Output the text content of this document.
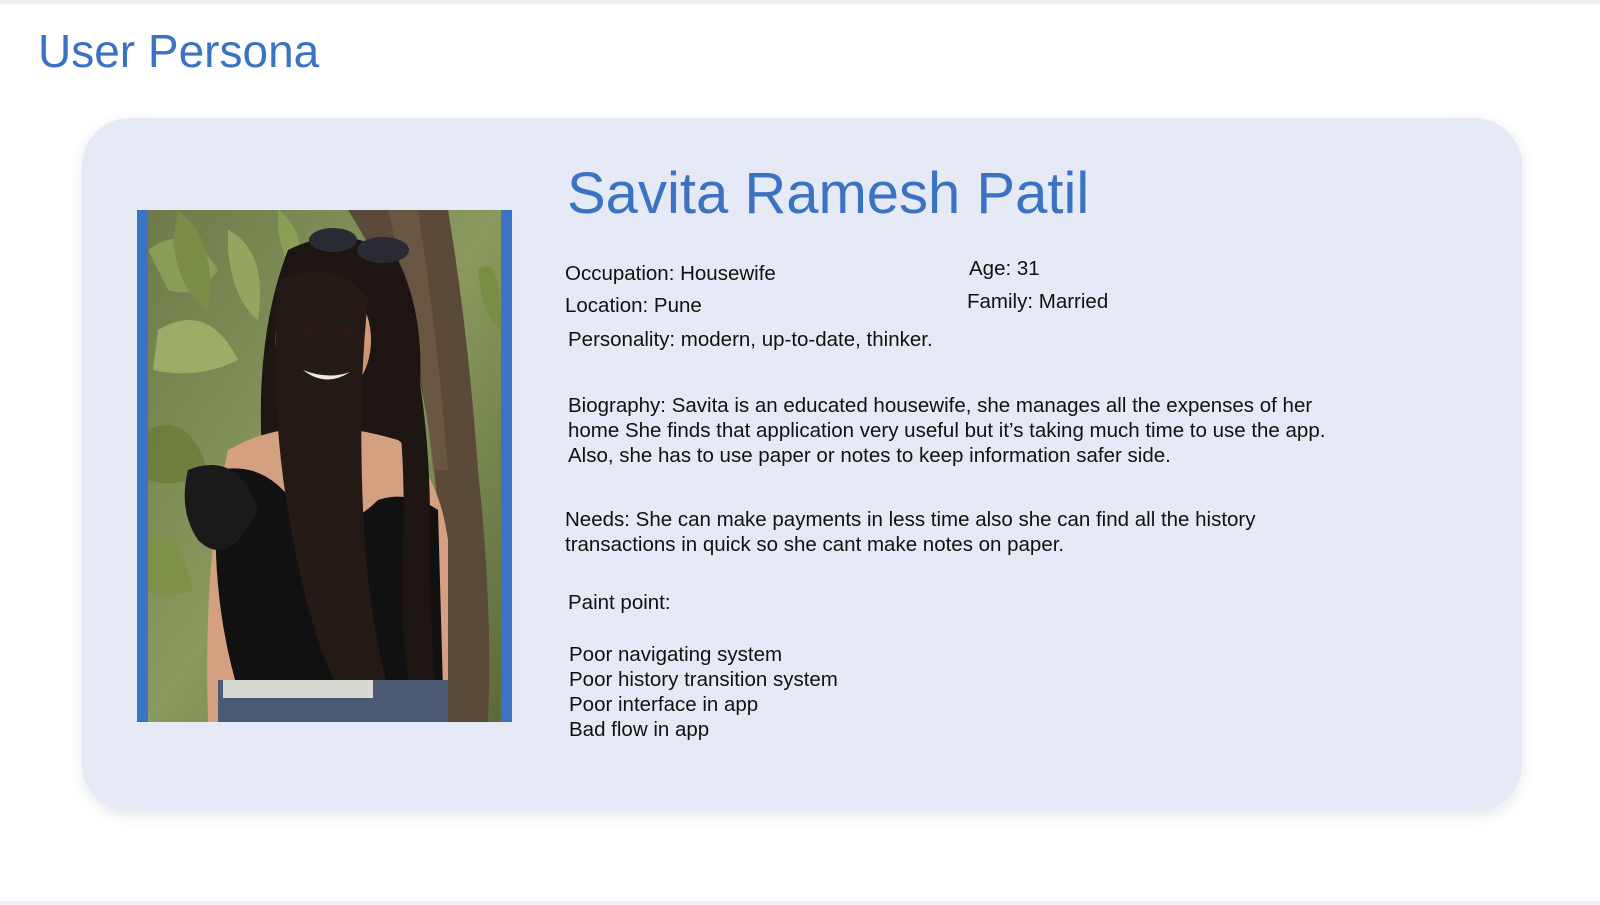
User Persona
Savita Ramesh Patil
Occupation: Housewife
Location: Pune
Age: 31
Family: Married
Personality: modern, up-to-date, thinker.

Biography: Savita is an educated housewife, she manages all the expenses of her
home She finds that application very useful but it’s taking much time to use the app.
Also, she has to use paper or notes to keep information safer side.

Needs: She can make payments in less time also she can find all the history
transactions in quick so she cant make notes on paper.

Paint point:
Poor navigating system
Poor history transition system
Poor interface in app
Bad flow in app
